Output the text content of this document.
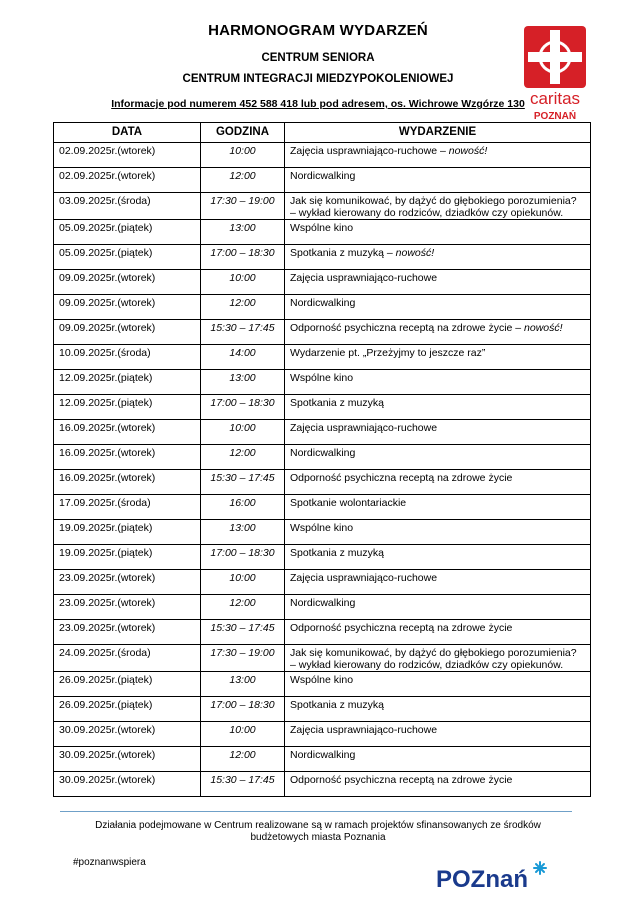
HARMONOGRAM WYDARZEŃ
CENTRUM SENIORA
CENTRUM INTEGRACJI MIEDZYPOKOLENIOWEJ
Informacje pod numerem 452 588 418 lub pod adresem, os. Wichrowe Wzgórze 130 caritas
POZNAŃ
DATA	GODZINA	WYDARZENIE
02.09.2025r.(wtorek)	10:00	Zajęcia usprawniająco-ruchowe – nowość!
02.09.2025r.(wtorek)	12:00	Nordicwalking
03.09.2025r.(środa)	17:30 – 19:00	Jak się komunikować, by dążyć do głębokiego porozumienia?
– wykład kierowany do rodziców, dziadków czy opiekunów.
05.09.2025r.(piątek)	13:00	Wspólne kino
05.09.2025r.(piątek)	17:00 – 18:30	Spotkania z muzyką – nowość!
09.09.2025r.(wtorek)	10:00	Zajęcia usprawniająco-ruchowe
09.09.2025r.(wtorek)	12:00	Nordicwalking
09.09.2025r.(wtorek)	15:30 – 17:45	Odporność psychiczna receptą na zdrowe życie – nowość!
10.09.2025r.(środa)	14:00	Wydarzenie pt. „Przeżyjmy to jeszcze raz”
12.09.2025r.(piątek)	13:00	Wspólne kino
12.09.2025r.(piątek)	17:00 – 18:30	Spotkania z muzyką
16.09.2025r.(wtorek)	10:00	Zajęcia usprawniająco-ruchowe
16.09.2025r.(wtorek)	12:00	Nordicwalking
16.09.2025r.(wtorek)	15:30 – 17:45	Odporność psychiczna receptą na zdrowe życie
17.09.2025r.(środa)	16:00	Spotkanie wolontariackie
19.09.2025r.(piątek)	13:00	Wspólne kino
19.09.2025r.(piątek)	17:00 – 18:30	Spotkania z muzyką
23.09.2025r.(wtorek)	10:00	Zajęcia usprawniająco-ruchowe
23.09.2025r.(wtorek)	12:00	Nordicwalking
23.09.2025r.(wtorek)	15:30 – 17:45	Odporność psychiczna receptą na zdrowe życie
24.09.2025r.(środa)	17:30 – 19:00	Jak się komunikować, by dążyć do głębokiego porozumienia?
– wykład kierowany do rodziców, dziadków czy opiekunów.
26.09.2025r.(piątek)	13:00	Wspólne kino
26.09.2025r.(piątek)	17:00 – 18:30	Spotkania z muzyką
30.09.2025r.(wtorek)	10:00	Zajęcia usprawniająco-ruchowe
30.09.2025r.(wtorek)	12:00	Nordicwalking
30.09.2025r.(wtorek)	15:30 – 17:45	Odporność psychiczna receptą na zdrowe życie
Działania podejmowane w Centrum realizowane są w ramach projektów sfinansowanych ze środków budżetowych miasta Poznania
#poznanwspiera
POZnań
